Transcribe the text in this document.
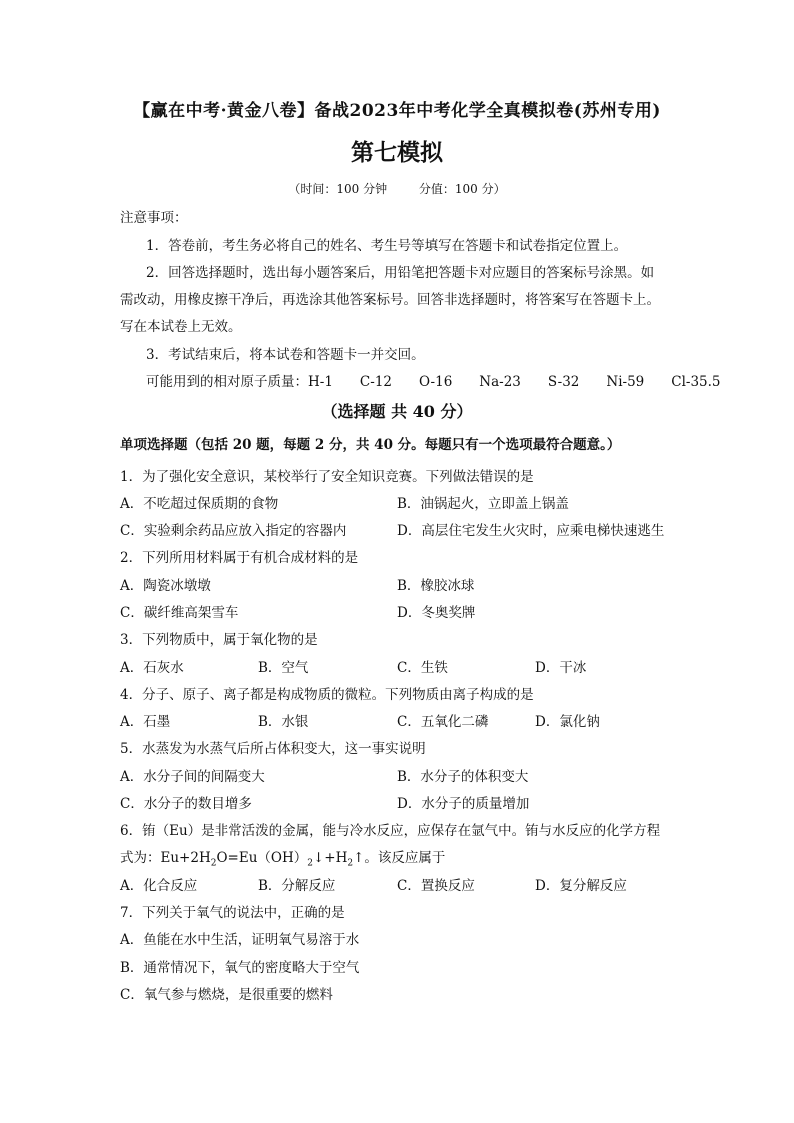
【赢在中考·黄金八卷】备战2023年中考化学全真模拟卷(苏州专用)
第七模拟
（时间：100 分钟	分值：100 分）
注意事项：
1．答卷前，考生务必将自己的姓名、考生号等填写在答题卡和试卷指定位置上。
2．回答选择题时，选出每小题答案后，用铅笔把答题卡对应题目的答案标号涂黑。如
需改动，用橡皮擦干净后，再选涂其他答案标号。回答非选择题时，将答案写在答题卡上。
写在本试卷上无效。
3．考试结束后，将本试卷和答题卡一并交回。
可能用到的相对原子质量：H-1　　C-12　　O-16　　Na-23　　S-32　　Ni-59　　Cl-35.5
（选择题 共 40 分）
单项选择题（包括 20 题，每题 2 分，共 40 分。每题只有一个选项最符合题意。）
1．为了强化安全意识，某校举行了安全知识竞赛。下列做法错误的是
A．不吃超过保质期的食物	B．油锅起火，立即盖上锅盖
C．实验剩余药品应放入指定的容器内	D．高层住宅发生火灾时，应乘电梯快速逃生
2．下列所用材料属于有机合成材料的是
A．陶瓷冰墩墩	B．橡胶冰球
C．碳纤维高架雪车	D．冬奥奖牌
3．下列物质中，属于氧化物的是
A．石灰水	B．空气	C．生铁	D．干冰
4．分子、原子、离子都是构成物质的微粒。下列物质由离子构成的是
A．石墨	B．水银	C．五氧化二磷	D．氯化钠
5．水蒸发为水蒸气后所占体积变大，这一事实说明
A．水分子间的间隔变大	B．水分子的体积变大
C．水分子的数目增多	D．水分子的质量增加
6．铕（Eu）是非常活泼的金属，能与冷水反应，应保存在氩气中。铕与水反应的化学方程
式为：$Eu+2H_2O=Eu(OH)_2↓+H_2↑$。该反应属于
A．化合反应	B．分解反应	C．置换反应	D．复分解反应
7．下列关于氧气的说法中，正确的是
A．鱼能在水中生活，证明氧气易溶于水
B．通常情况下，氧气的密度略大于空气
C．氧气参与燃烧，是很重要的燃料
